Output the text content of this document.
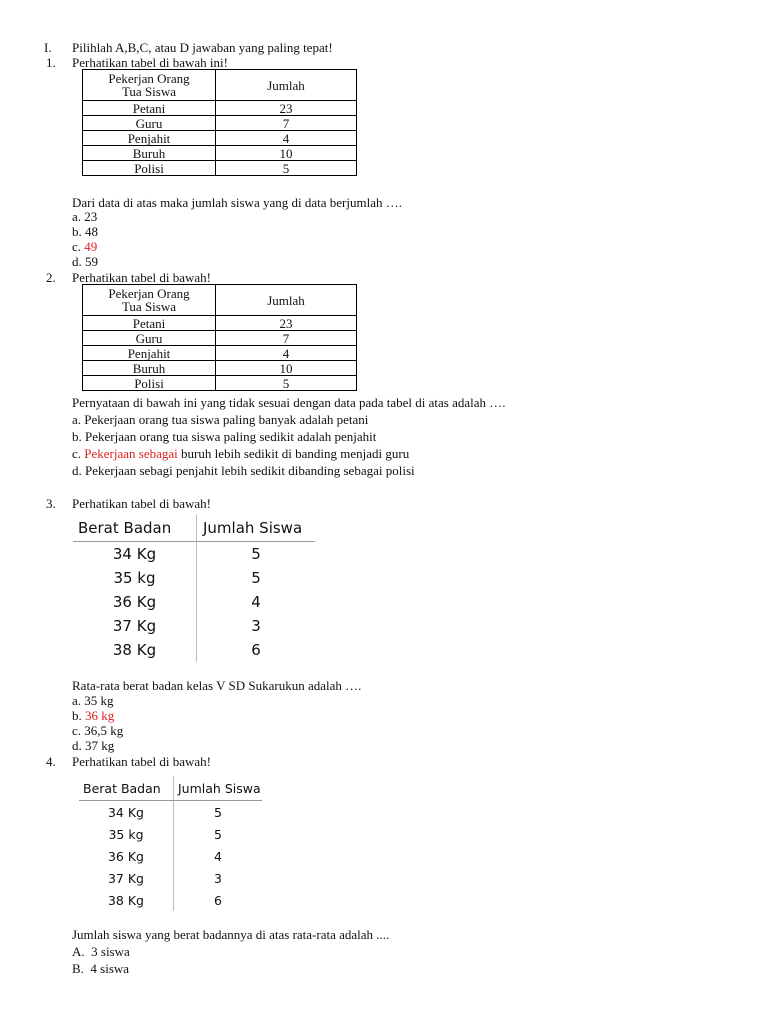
I. Pilihlah A,B,C, atau D jawaban yang paling tepat!
1. Perhatikan tabel di bawah ini!
Pekerjan Orang
Tua Siswa	Jumlah
Petani	23
Guru	7
Penjahit	4
Buruh	10
Polisi	5
Dari data di atas maka jumlah siswa yang di data berjumlah ….
a. 23
b. 48
c. 49
d. 59
2. Perhatikan tabel di bawah!
Pekerjan Orang
Tua Siswa	Jumlah
Petani	23
Guru	7
Penjahit	4
Buruh	10
Polisi	5
Pernyataan di bawah ini yang tidak sesuai dengan data pada tabel di atas adalah ….
a. Pekerjaan orang tua siswa paling banyak adalah petani
b. Pekerjaan orang tua siswa paling sedikit adalah penjahit
c. Pekerjaan sebagai buruh lebih sedikit di banding menjadi guru
d. Pekerjaan sebagi penjahit lebih sedikit dibanding sebagai polisi
3. Perhatikan tabel di bawah!
Berat Badan	Jumlah Siswa
34 Kg	5
35 kg	5
36 Kg	4
37 Kg	3
38 Kg	6
Rata-rata berat badan kelas V SD Sukarukun adalah ….
a. 35 kg
b. 36 kg
c. 36,5 kg
d. 37 kg
4. Perhatikan tabel di bawah!
Berat Badan	Jumlah Siswa
34 Kg	5
35 kg	5
36 Kg	4
37 Kg	3
38 Kg	6
Jumlah siswa yang berat badannya di atas rata-rata adalah ....
A. 3 siswa
B. 4 siswa
